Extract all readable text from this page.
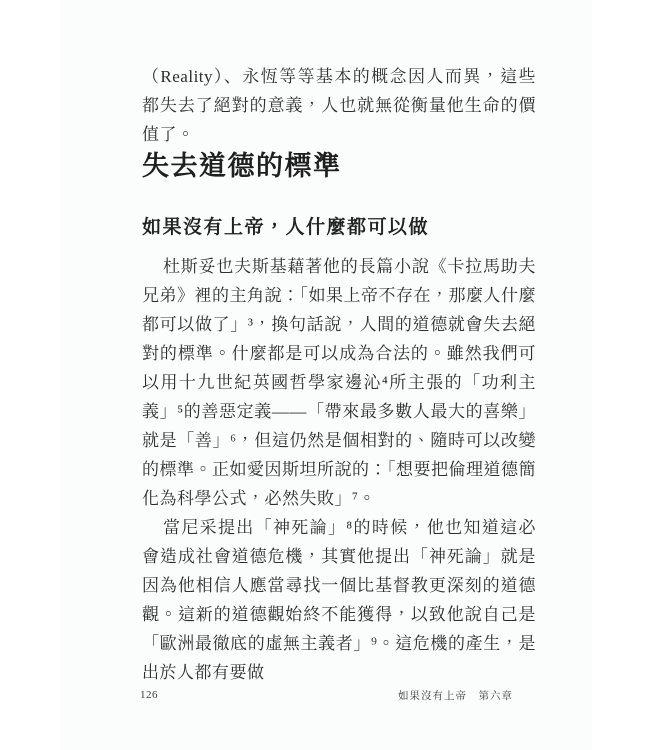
（Reality）、永恆等等基本的概念因人而異，這些都失去了絕對的意義，人也就無從衡量他生命的價值了。

失去道德的標準
如果沒有上帝，人什麼都可以做

杜斯妥也夫斯基藉著他的長篇小說《卡拉馬助夫兄弟》裡的主角說：「如果上帝不存在，那麼人什麼都可以做了」³，換句話說，人間的道德就會失去絕對的標準。什麼都是可以成為合法的。雖然我們可以用十九世紀英國哲學家邊沁⁴所主張的「功利主義」⁵的善惡定義——「帶來最多數人最大的喜樂」就是「善」⁶，但這仍然是個相對的、隨時可以改變的標準。正如愛因斯坦所說的：「想要把倫理道德簡化為科學公式，必然失敗」⁷。

當尼采提出「神死論」⁸的時候，他也知道這必會造成社會道德危機，其實他提出「神死論」就是因為他相信人應當尋找一個比基督教更深刻的道德觀。這新的道德觀始終不能獲得，以致他說自己是「歐洲最徹底的虛無主義者」⁹。這危機的產生，是出於人都有要做

126	如果沒有上帝　第六章
